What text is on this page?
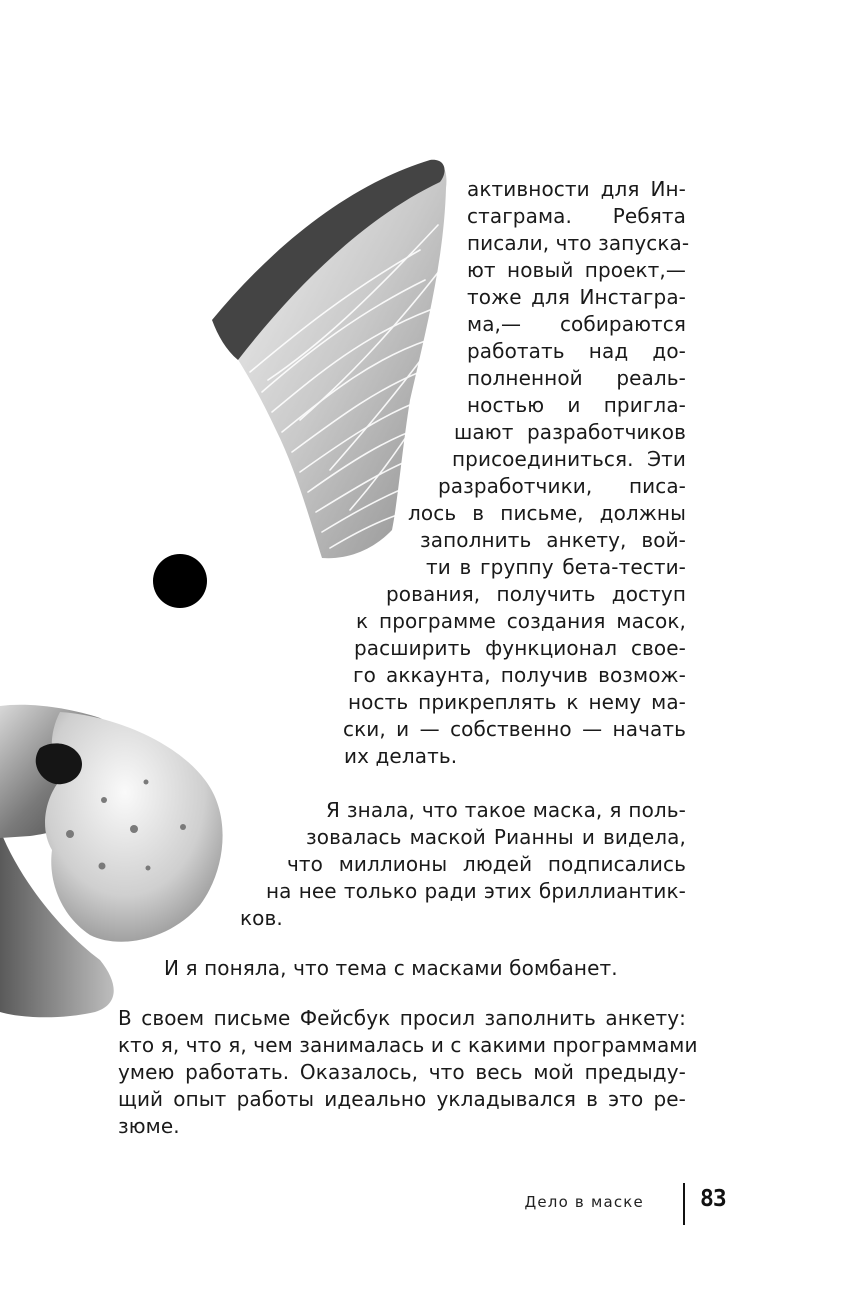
активности для Ин-

стаграма. Ребята

писали, что запуска-

ют новый проект,—

тоже для Инстагра-

ма,— собираются

работать над до-

полненной реаль-

ностью и пригла-

шают разработчиков

присоединиться. Эти

разработчики, писа-

лось в письме, должны

заполнить анкету, вой-

ти в группу бета-тести-

рования, получить доступ

к программе создания масок,

расширить функционал свое-

го аккаунта, получив возмож-

ность прикреплять к нему ма-

ски, и — собственно — начать

их делать.

Я знала, что такое маска, я поль-

зовалась маской Рианны и видела,

что миллионы людей подписались

на нее только ради этих бриллиантик-

ков.

И я поняла, что тема с масками бомбанет.

В своем письме Фейсбук просил заполнить анкету:

кто я, что я, чем занималась и с какими программами

умею работать. Оказалось, что весь мой предыду-

щий опыт работы идеально укладывался в это ре-

зюме.

Дело в маске 83
